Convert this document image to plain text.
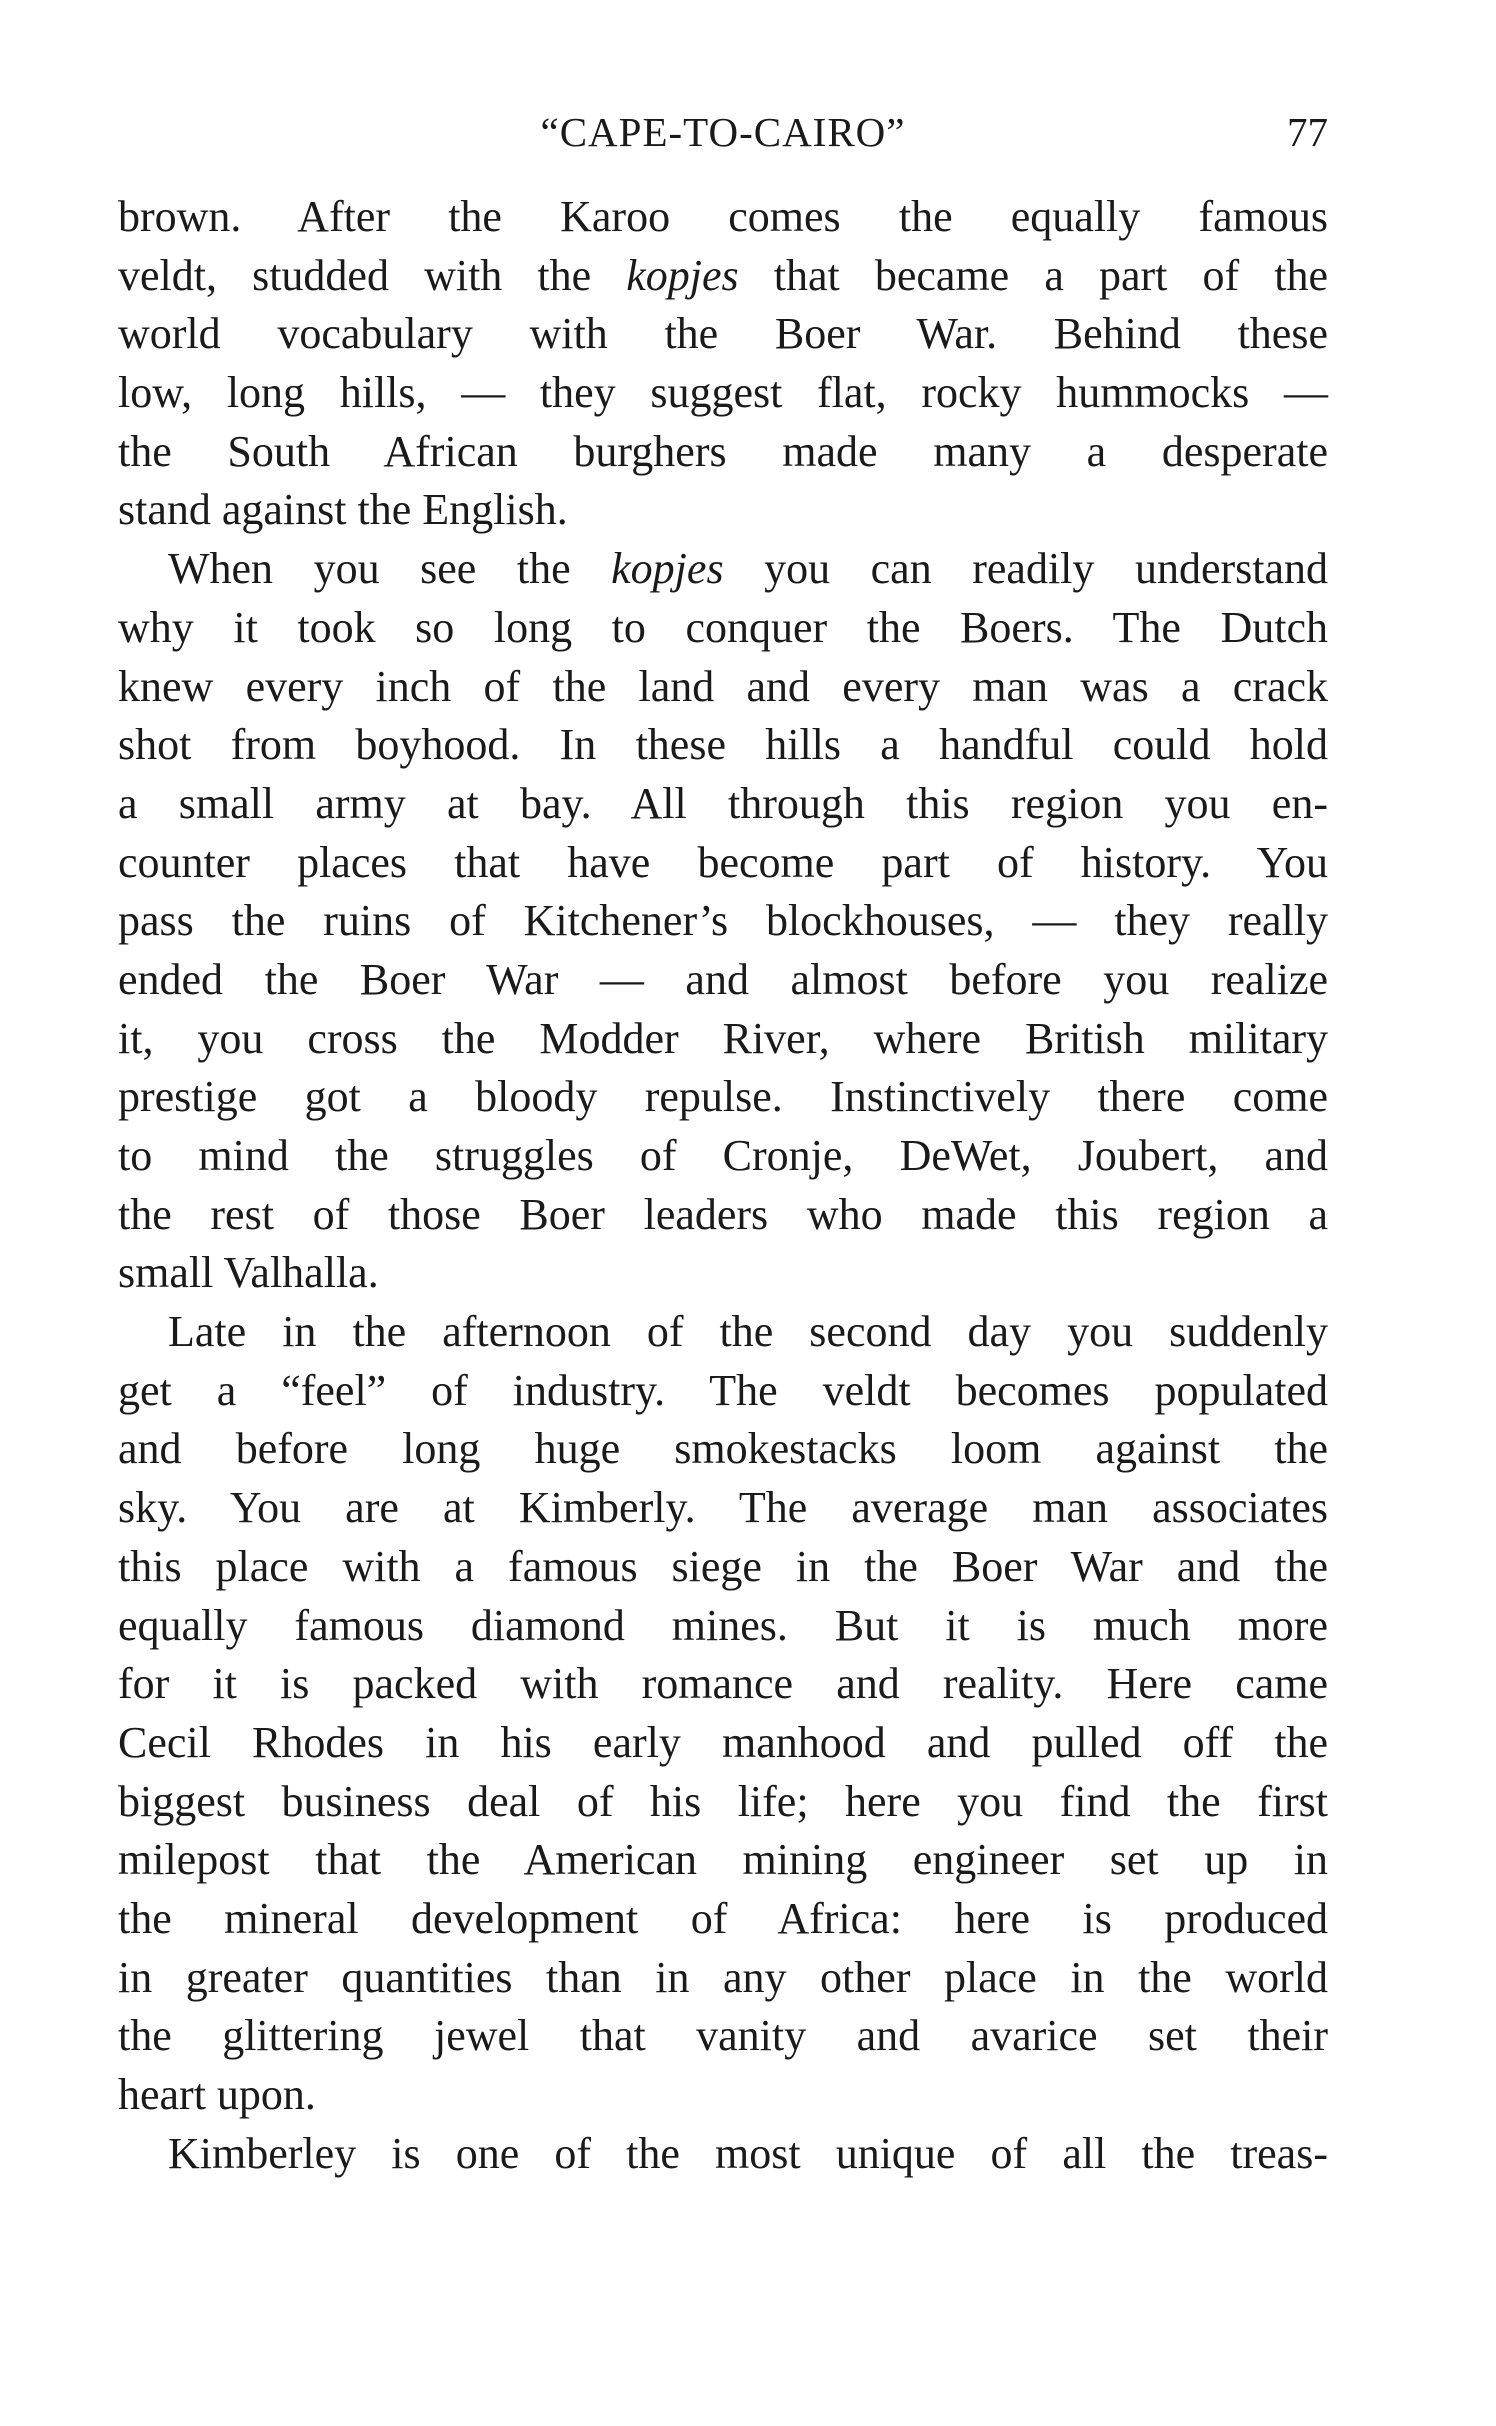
“CAPE-TO-CAIRO”	77
brown. After the Karoo comes the equally famous
veldt, studded with the kopjes that became a part of the
world vocabulary with the Boer War. Behind these
low, long hills, — they suggest flat, rocky hummocks —
the South African burghers made many a desperate
stand against the English.
When you see the kopjes you can readily understand
why it took so long to conquer the Boers. The Dutch
knew every inch of the land and every man was a crack
shot from boyhood. In these hills a handful could hold
a small army at bay. All through this region you en-
counter places that have become part of history. You
pass the ruins of Kitchener’s blockhouses, — they really
ended the Boer War — and almost before you realize
it, you cross the Modder River, where British military
prestige got a bloody repulse. Instinctively there come
to mind the struggles of Cronje, DeWet, Joubert, and
the rest of those Boer leaders who made this region a
small Valhalla.
Late in the afternoon of the second day you suddenly
get a “feel” of industry. The veldt becomes populated
and before long huge smokestacks loom against the
sky. You are at Kimberly. The average man associates
this place with a famous siege in the Boer War and the
equally famous diamond mines. But it is much more
for it is packed with romance and reality. Here came
Cecil Rhodes in his early manhood and pulled off the
biggest business deal of his life; here you find the first
milepost that the American mining engineer set up in
the mineral development of Africa: here is produced
in greater quantities than in any other place in the world
the glittering jewel that vanity and avarice set their
heart upon.
Kimberley is one of the most unique of all the treas-
